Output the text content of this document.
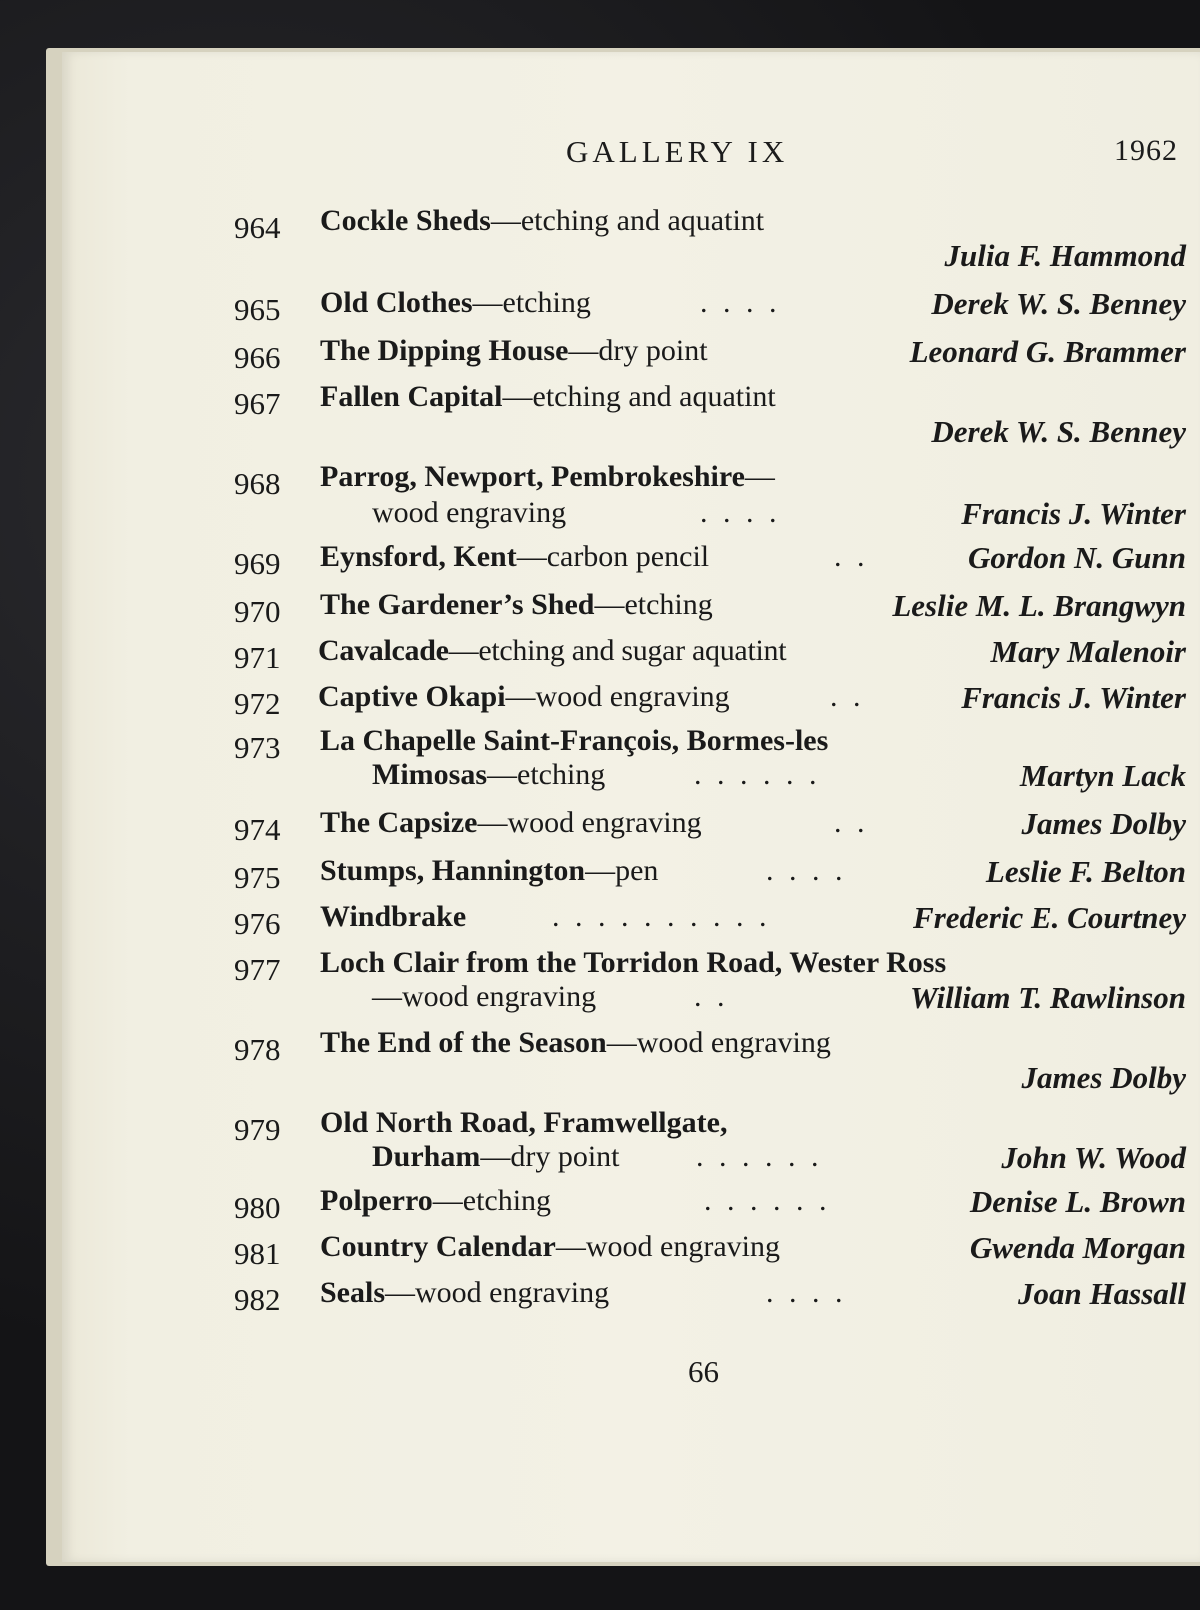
GALLERY IX	1962
964 Cockle Sheds—etching and aquatint
Julia F. Hammond
965 Old Clothes—etching	. . . .	Derek W. S. Benney
966 The Dipping House—dry point	Leonard G. Brammer
967 Fallen Capital—etching and aquatint
Derek W. S. Benney
968 Parrog, Newport, Pembrokeshire—
wood engraving	. . . .	Francis J. Winter
969 Eynsford, Kent—carbon pencil	. .	Gordon N. Gunn
970 The Gardener’s Shed—etching	Leslie M. L. Brangwyn
971 Cavalcade—etching and sugar aquatint	Mary Malenoir
972 Captive Okapi—wood engraving	. .	Francis J. Winter
973 La Chapelle Saint-François, Bormes-les
Mimosas—etching	. . . . . .	Martyn Lack
974 The Capsize—wood engraving	. .	James Dolby
975 Stumps, Hannington—pen	. . . .	Leslie F. Belton
976 Windbrake	. . . . . . . . . .	Frederic E. Courtney
977 Loch Clair from the Torridon Road, Wester Ross
—wood engraving	. .	William T. Rawlinson
978 The End of the Season—wood engraving
James Dolby
979 Old North Road, Framwellgate,
Durham—dry point	. . . . . .	John W. Wood
980 Polperro—etching	. . . . . .	Denise L. Brown
981 Country Calendar—wood engraving	Gwenda Morgan
982 Seals—wood engraving	. . . .	Joan Hassall
66
